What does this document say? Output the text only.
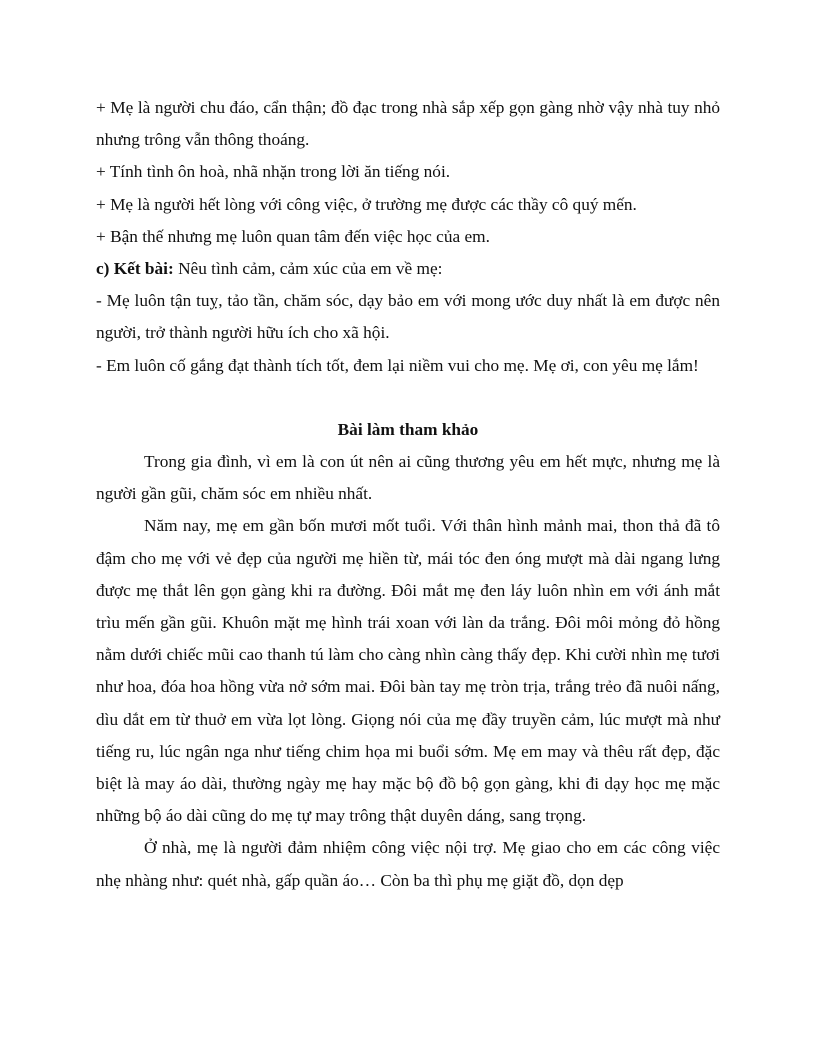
+ Mẹ là người chu đáo, cẩn thận; đồ đạc trong nhà sắp xếp gọn gàng nhờ vậy nhà tuy nhỏ nhưng trông vẫn thông thoáng.

+ Tính tình ôn hoà, nhã nhặn trong lời ăn tiếng nói.

+ Mẹ là người hết lòng với công việc, ở trường mẹ được các thầy cô quý mến.

+ Bận thế nhưng mẹ luôn quan tâm đến việc học của em.

c) Kết bài: Nêu tình cảm, cảm xúc của em về mẹ:

- Mẹ luôn tận tuỵ, tảo tần, chăm sóc, dạy bảo em với mong ước duy nhất là em được nên người, trở thành người hữu ích cho xã hội.

- Em luôn cố gắng đạt thành tích tốt, đem lại niềm vui cho mẹ. Mẹ ơi, con yêu mẹ lắm!

Bài làm tham khảo

Trong gia đình, vì em là con út nên ai cũng thương yêu em hết mực, nhưng mẹ là người gần gũi, chăm sóc em nhiều nhất.

Năm nay, mẹ em gần bốn mươi mốt tuổi. Với thân hình mảnh mai, thon thả đã tô đậm cho mẹ với vẻ đẹp của người mẹ hiền từ, mái tóc đen óng mượt mà dài ngang lưng được mẹ thắt lên gọn gàng khi ra đường. Đôi mắt mẹ đen láy luôn nhìn em với ánh mắt trìu mến gần gũi. Khuôn mặt mẹ hình trái xoan với làn da trắng. Đôi môi mỏng đỏ hồng nằm dưới chiếc mũi cao thanh tú làm cho càng nhìn càng thấy đẹp. Khi cười nhìn mẹ tươi như hoa, đóa hoa hồng vừa nở sớm mai. Đôi bàn tay mẹ tròn trịa, trắng trẻo đã nuôi nấng, dìu dắt em từ thuở em vừa lọt lòng. Giọng nói của mẹ đầy truyền cảm, lúc mượt mà như tiếng ru, lúc ngân nga như tiếng chim họa mi buổi sớm. Mẹ em may và thêu rất đẹp, đặc biệt là may áo dài, thường ngày mẹ hay mặc bộ đồ bộ gọn gàng, khi đi dạy học mẹ mặc những bộ áo dài cũng do mẹ tự may trông thật duyên dáng, sang trọng.

Ở nhà, mẹ là người đảm nhiệm công việc nội trợ. Mẹ giao cho em các công việc nhẹ nhàng như: quét nhà, gấp quần áo… Còn ba thì phụ mẹ giặt đồ, dọn dẹp
